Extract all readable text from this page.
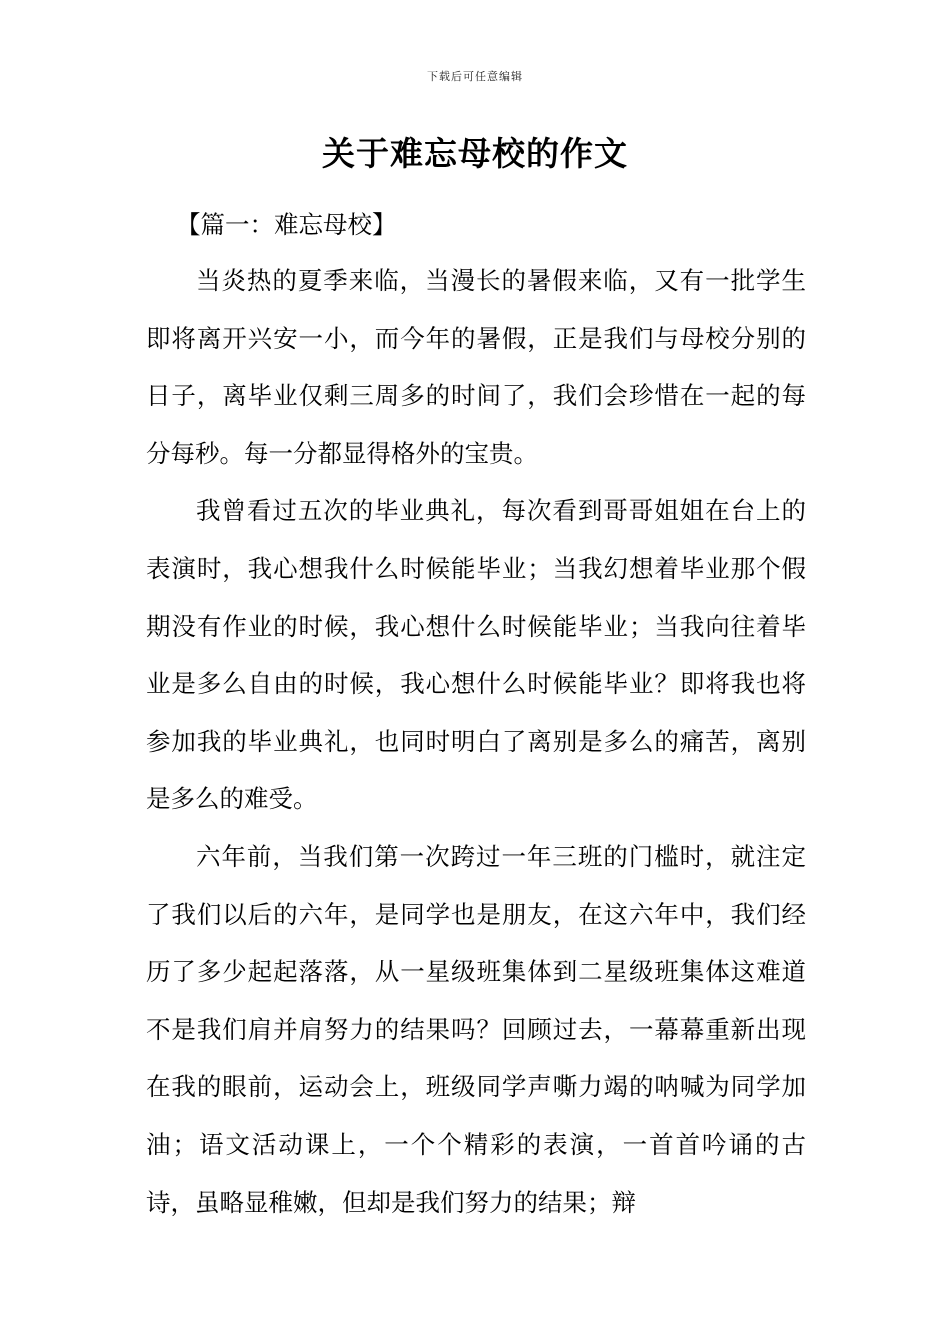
下载后可任意编辑
关于难忘母校的作文

【篇一：难忘母校】

当炎热的夏季来临，当漫长的暑假来临，又有一批学生即将离开兴安一小，而今年的暑假，正是我们与母校分别的日子，离毕业仅剩三周多的时间了，我们会珍惜在一起的每分每秒。每一分都显得格外的宝贵。

我曾看过五次的毕业典礼，每次看到哥哥姐姐在台上的表演时，我心想我什么时候能毕业；当我幻想着毕业那个假期没有作业的时候，我心想什么时候能毕业；当我向往着毕业是多么自由的时候，我心想什么时候能毕业？即将我也将参加我的毕业典礼，也同时明白了离别是多么的痛苦，离别是多么的难受。

六年前，当我们第一次跨过一年三班的门槛时，就注定了我们以后的六年，是同学也是朋友，在这六年中，我们经历了多少起起落落，从一星级班集体到二星级班集体这难道不是我们肩并肩努力的结果吗？回顾过去，一幕幕重新出现在我的眼前，运动会上，班级同学声嘶力竭的呐喊为同学加油；语文活动课上，一个个精彩的表演，一首首吟诵的古诗，虽略显稚嫩，但却是我们努力的结果；辩
